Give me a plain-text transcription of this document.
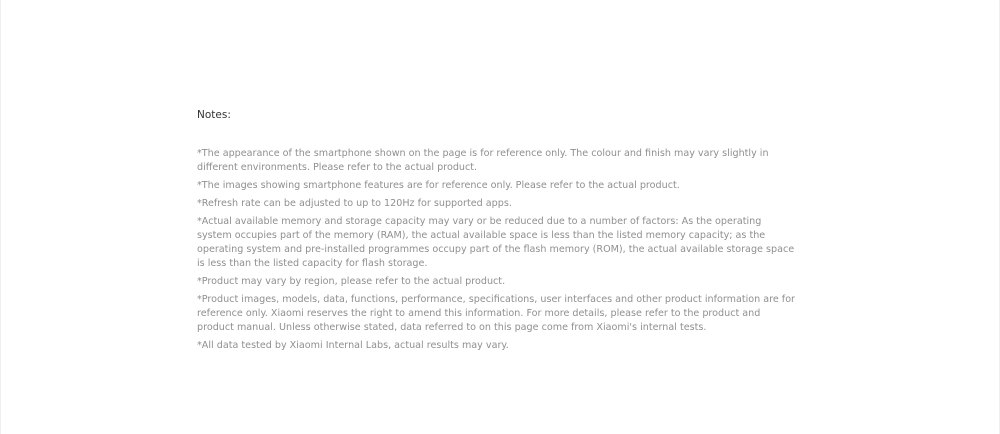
Notes:
*The appearance of the smartphone shown on the page is for reference only. The colour and finish may vary slightly in different environments. Please refer to the actual product.
*The images showing smartphone features are for reference only. Please refer to the actual product.
*Refresh rate can be adjusted to up to 120Hz for supported apps.
*Actual available memory and storage capacity may vary or be reduced due to a number of factors: As the operating system occupies part of the memory (RAM), the actual available space is less than the listed memory capacity; as the operating system and pre-installed programmes occupy part of the flash memory (ROM), the actual available storage space is less than the listed capacity for flash storage.
*Product may vary by region, please refer to the actual product.
*Product images, models, data, functions, performance, specifications, user interfaces and other product information are for reference only. Xiaomi reserves the right to amend this information. For more details, please refer to the product and product manual. Unless otherwise stated, data referred to on this page come from Xiaomi's internal tests.
*All data tested by Xiaomi Internal Labs, actual results may vary.
